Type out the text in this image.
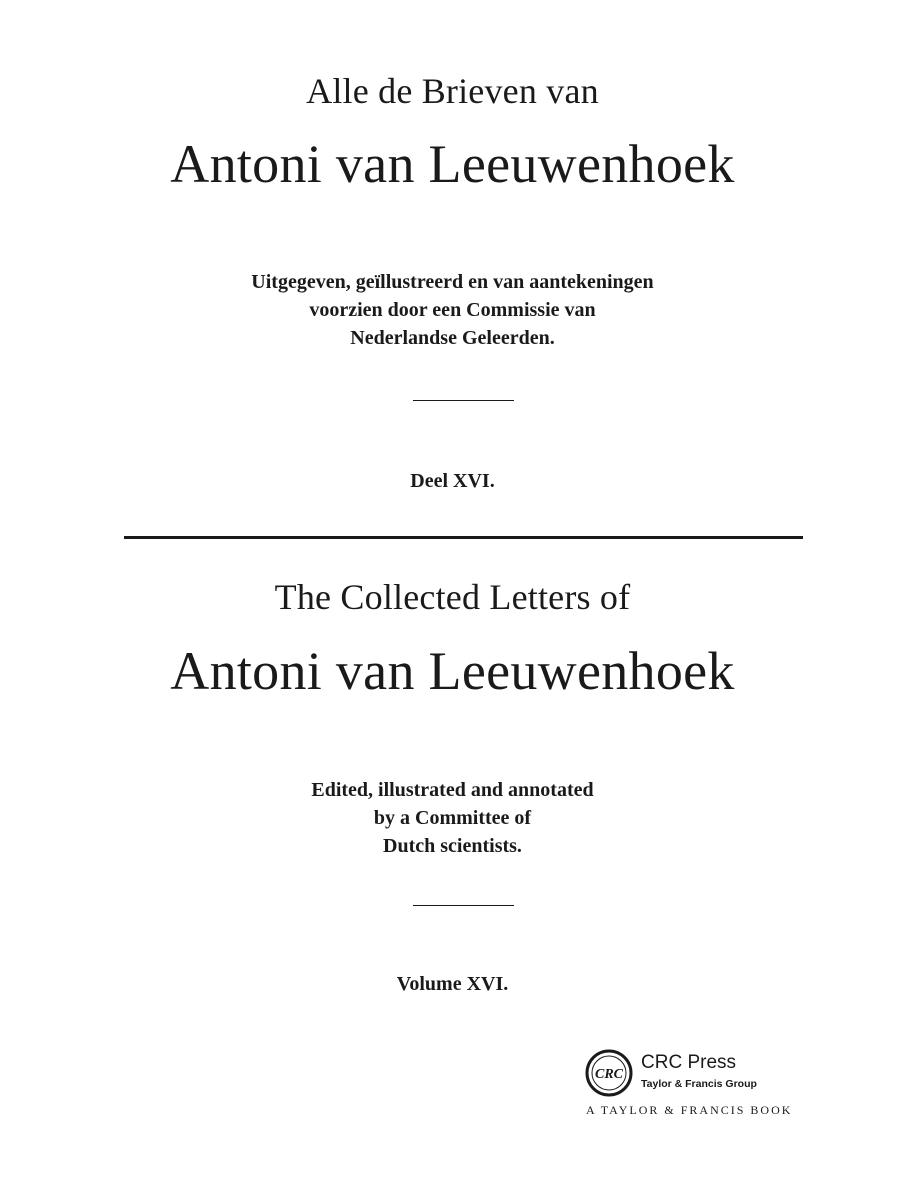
Alle de Brieven van
Antoni van Leeuwenhoek
Uitgegeven, geïllustreerd en van aantekeningen
voorzien door een Commissie van
Nederlandse Geleerden.
Deel XVI.
The Collected Letters of
Antoni van Leeuwenhoek
Edited, illustrated and annotated
by a Committee of
Dutch scientists.
Volume XVI.
CRC
CRC Press
Taylor & Francis Group
A TAYLOR & FRANCIS BOOK
